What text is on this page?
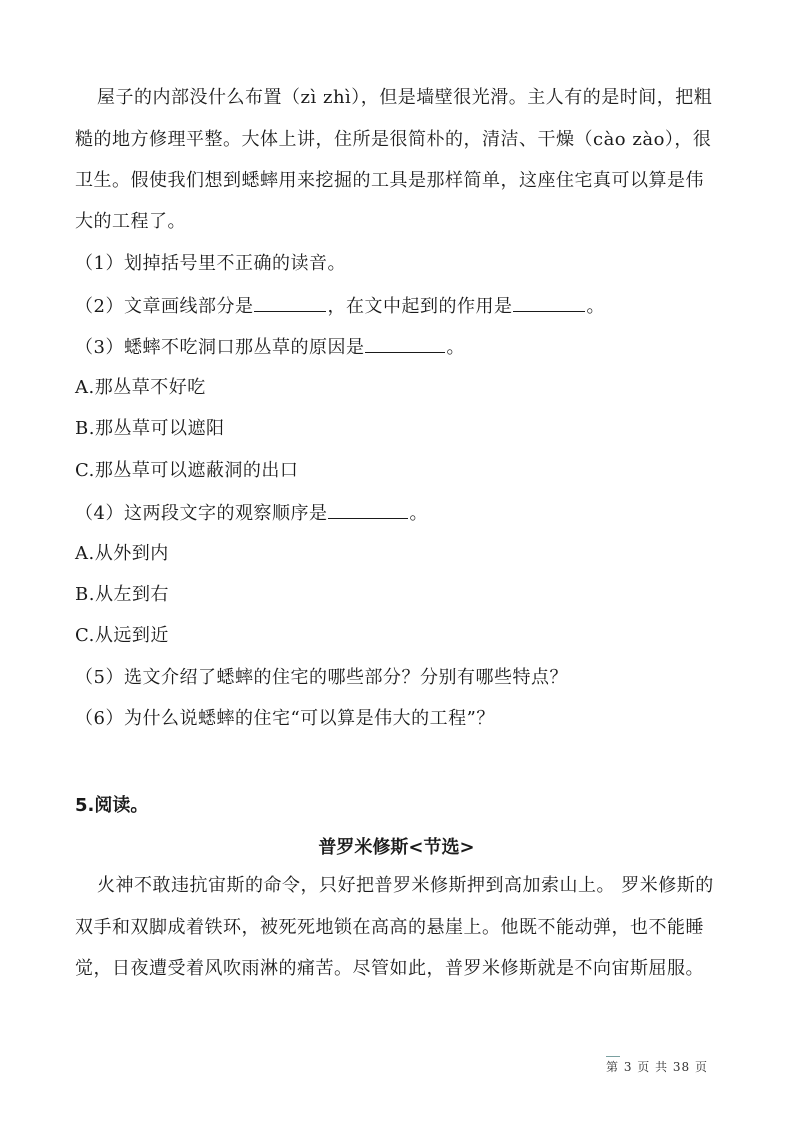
屋子的内部没什么布置（zì zhì），但是墙壁很光滑。主人有的是时间，把粗
糙的地方修理平整。大体上讲，住所是很简朴的，清洁、干燥（cào zào），很
卫生。假使我们想到蟋蟀用来挖掘的工具是那样简单，这座住宅真可以算是伟
大的工程了。
（1）划掉括号里不正确的读音。
（2）文章画线部分是	，在文中起到的作用是	。
（3）蟋蟀不吃洞口那丛草的原因是	。
A.那丛草不好吃
B.那丛草可以遮阳
C.那丛草可以遮蔽洞的出口
（4）这两段文字的观察顺序是	。
A.从外到内
B.从左到右
C.从远到近
（5）选文介绍了蟋蟀的住宅的哪些部分？分别有哪些特点？
（6）为什么说蟋蟀的住宅“可以算是伟大的工程”？
5.阅读。
普罗米修斯<节选>
火神不敢违抗宙斯的命令，只好把普罗米修斯押到高加索山上。 罗米修斯的
双手和双脚成着铁环，被死死地锁在高高的悬崖上。他既不能动弹，也不能睡
觉，日夜遭受着风吹雨淋的痛苦。尽管如此，普罗米修斯就是不向宙斯屈服。
第 3 页 共 38 页
